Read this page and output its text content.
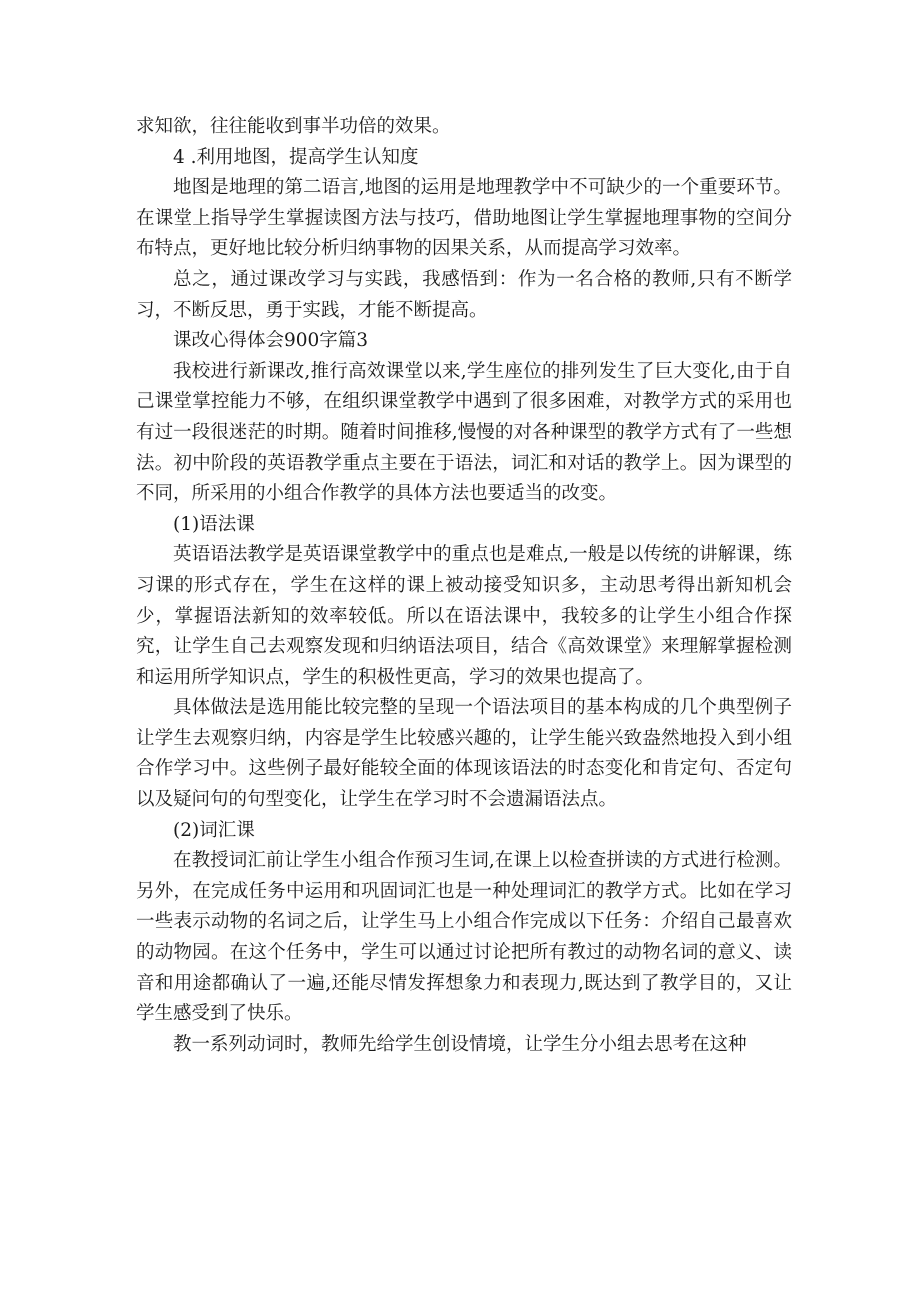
求知欲，往往能收到事半功倍的效果。

4 .利用地图，提高学生认知度

地图是地理的第二语言,地图的运用是地理教学中不可缺少的一个重要环节。在课堂上指导学生掌握读图方法与技巧，借助地图让学生掌握地理事物的空间分布特点，更好地比较分析归纳事物的因果关系，从而提高学习效率。

总之，通过课改学习与实践，我感悟到：作为一名合格的教师,只有不断学习，不断反思，勇于实践，才能不断提高。

课改心得体会900字篇3

我校进行新课改,推行高效课堂以来,学生座位的排列发生了巨大变化,由于自己课堂掌控能力不够，在组织课堂教学中遇到了很多困难，对教学方式的采用也有过一段很迷茫的时期。随着时间推移,慢慢的对各种课型的教学方式有了一些想法。初中阶段的英语教学重点主要在于语法，词汇和对话的教学上。因为课型的不同，所采用的小组合作教学的具体方法也要适当的改变。

(1)语法课

英语语法教学是英语课堂教学中的重点也是难点,一般是以传统的讲解课，练习课的形式存在，学生在这样的课上被动接受知识多，主动思考得出新知机会少，掌握语法新知的效率较低。所以在语法课中，我较多的让学生小组合作探究，让学生自己去观察发现和归纳语法项目，结合《高效课堂》来理解掌握检测和运用所学知识点，学生的积极性更高，学习的效果也提高了。

具体做法是选用能比较完整的呈现一个语法项目的基本构成的几个典型例子让学生去观察归纳，内容是学生比较感兴趣的，让学生能兴致盎然地投入到小组合作学习中。这些例子最好能较全面的体现该语法的时态变化和肯定句、否定句以及疑问句的句型变化，让学生在学习时不会遗漏语法点。

(2)词汇课

在教授词汇前让学生小组合作预习生词,在课上以检查拼读的方式进行检测。另外，在完成任务中运用和巩固词汇也是一种处理词汇的教学方式。比如在学习一些表示动物的名词之后，让学生马上小组合作完成以下任务：介绍自己最喜欢的动物园。在这个任务中，学生可以通过讨论把所有教过的动物名词的意义、读音和用途都确认了一遍,还能尽情发挥想象力和表现力,既达到了教学目的，又让学生感受到了快乐。

教一系列动词时，教师先给学生创设情境，让学生分小组去思考在这种
